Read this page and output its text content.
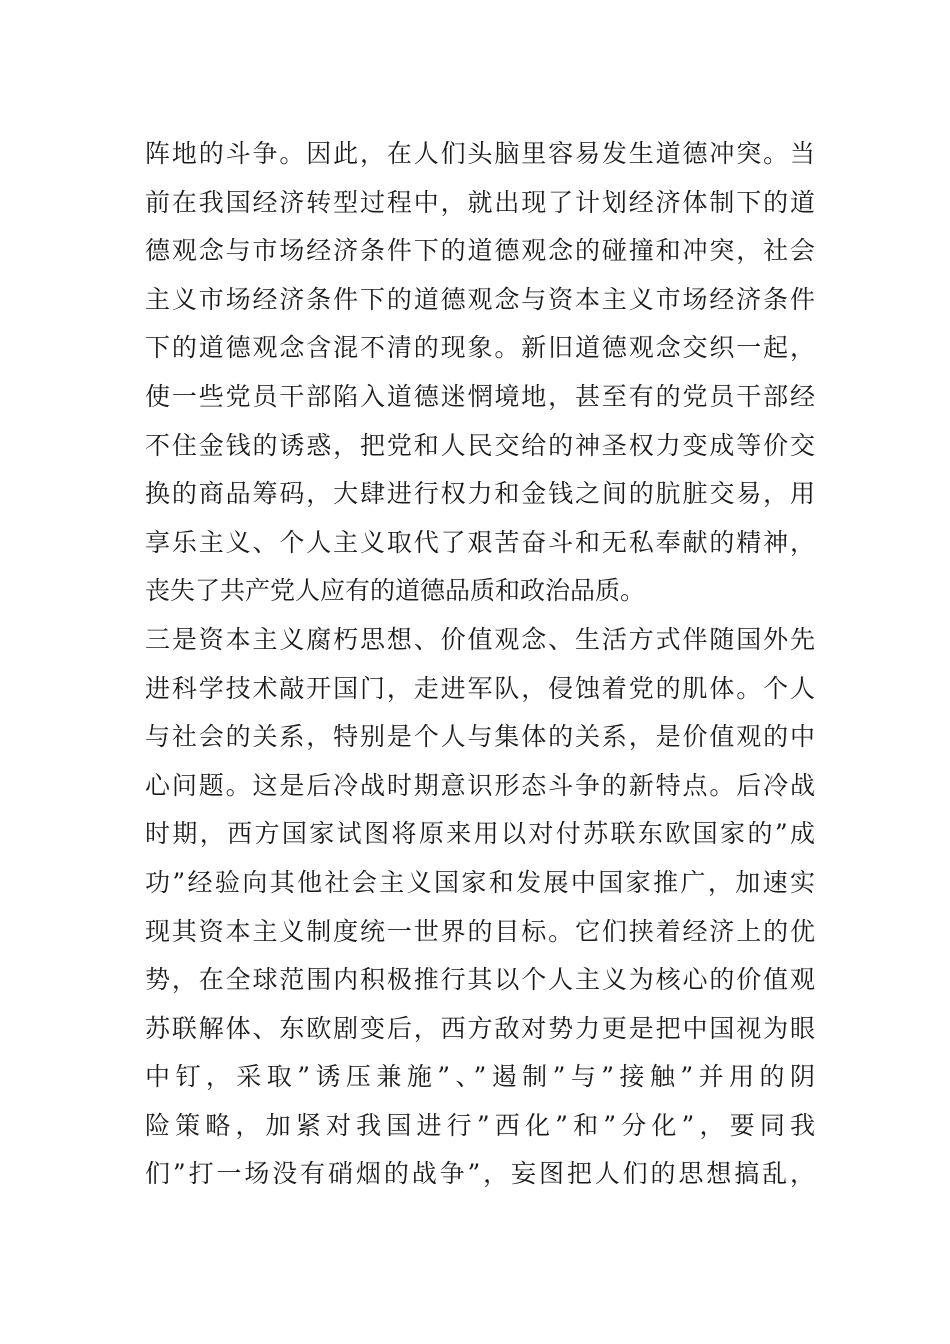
阵地的斗争。因此，在人们头脑里容易发生道德冲突。当
前在我国经济转型过程中，就出现了计划经济体制下的道
德观念与市场经济条件下的道德观念的碰撞和冲突，社会
主义市场经济条件下的道德观念与资本主义市场经济条件
下的道德观念含混不清的现象。新旧道德观念交织一起，
使一些党员干部陷入道德迷惘境地，甚至有的党员干部经
不住金钱的诱惑，把党和人民交给的神圣权力变成等价交
换的商品筹码，大肆进行权力和金钱之间的肮脏交易，用
享乐主义、个人主义取代了艰苦奋斗和无私奉献的精神，
丧失了共产党人应有的道德品质和政治品质。
三是资本主义腐朽思想、价值观念、生活方式伴随国外先
进科学技术敲开国门，走进军队，侵蚀着党的肌体。个人
与社会的关系，特别是个人与集体的关系，是价值观的中
心问题。这是后冷战时期意识形态斗争的新特点。后冷战
时期，西方国家试图将原来用以对付苏联东欧国家的”成
功”经验向其他社会主义国家和发展中国家推广，加速实
现其资本主义制度统一世界的目标。它们挟着经济上的优
势，在全球范围内积极推行其以个人主义为核心的价值观
苏联解体、东欧剧变后，西方敌对势力更是把中国视为眼
中钉，采取”诱压兼施”、”遏制”与”接触”并用的阴
险策略，加紧对我国进行”西化”和”分化”，要同我
们”打一场没有硝烟的战争”，妄图把人们的思想搞乱，
